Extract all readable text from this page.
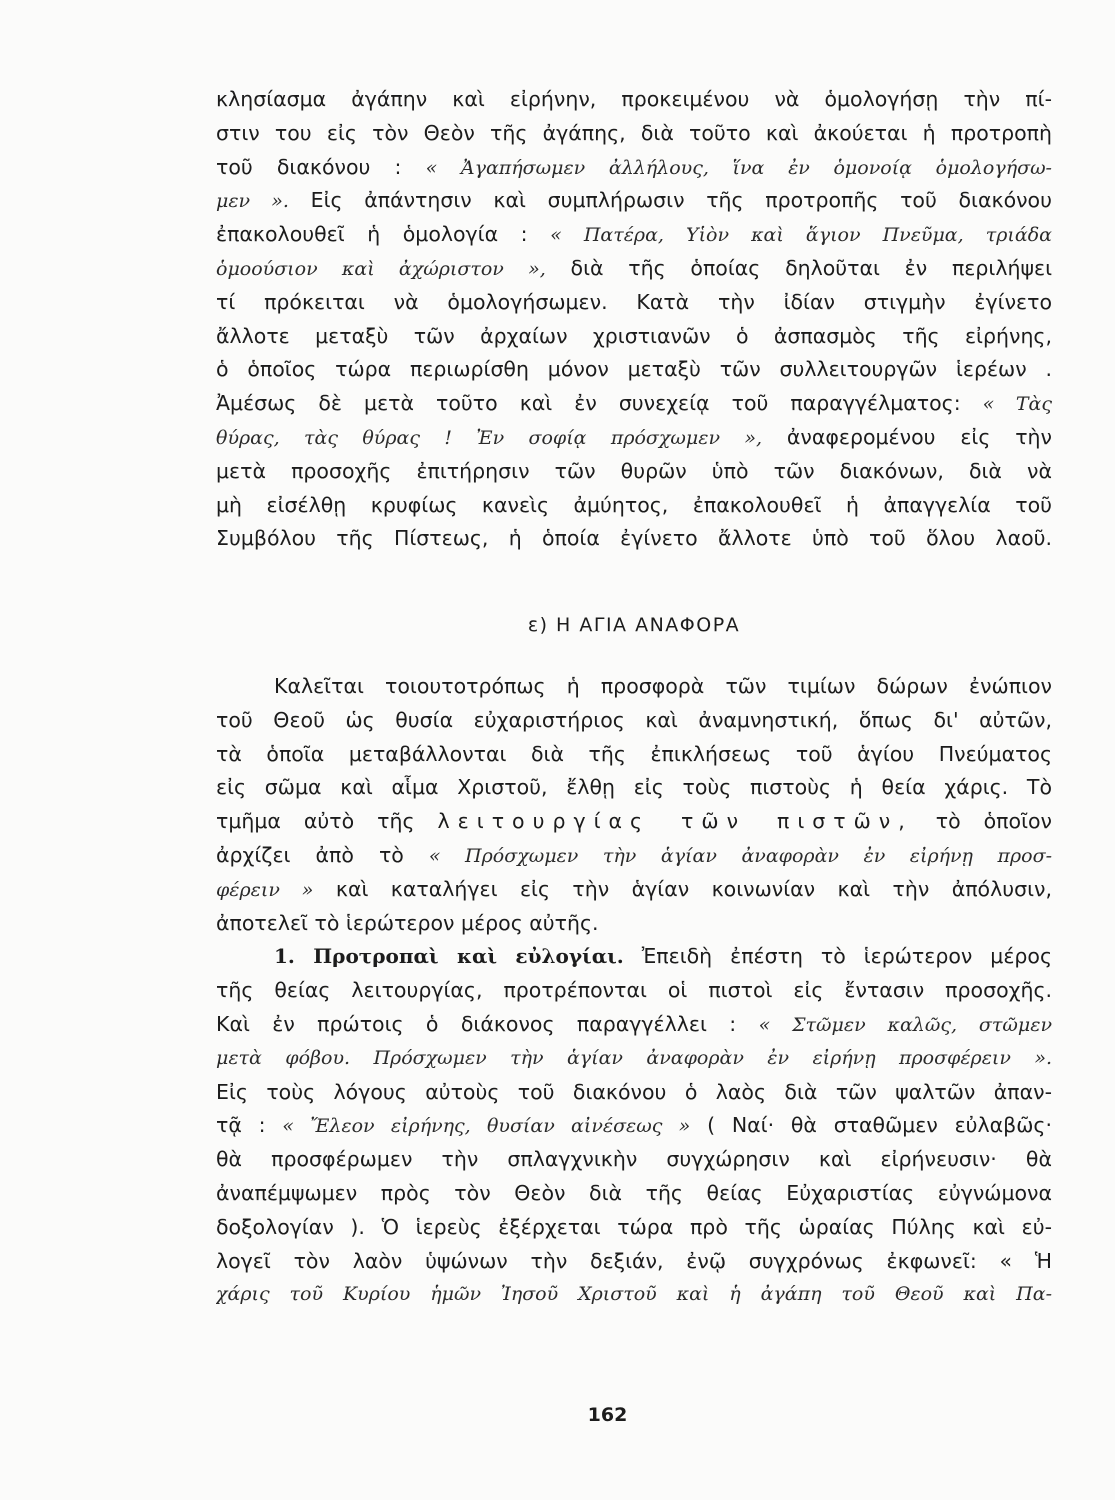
κλησίασμα ἀγάπην καὶ εἰρήνην, προκειμένου νὰ ὁμολογήσῃ τὴν πί-
στιν του εἰς τὸν Θεὸν τῆς ἀγάπης, διὰ τοῦτο καὶ ἀκούεται ἡ προτροπὴ
τοῦ διακόνου : « Ἀγαπήσωμεν ἀλλήλους, ἵνα ἐν ὁμονοίᾳ ὁμολογήσω-
μεν ». Εἰς ἀπάντησιν καὶ συμπλήρωσιν τῆς προτροπῆς τοῦ διακόνου
ἐπακολουθεῖ ἡ ὁμολογία : « Πατέρα, Υἱὸν καὶ ἅγιον Πνεῦμα, τριάδα
ὁμοούσιον καὶ ἀχώριστον », διὰ τῆς ὁποίας δηλοῦται ἐν περιλήψει
τί πρόκειται νὰ ὁμολογήσωμεν. Κατὰ τὴν ἰδίαν στιγμὴν ἐγίνετο
ἄλλοτε μεταξὺ τῶν ἀρχαίων χριστιανῶν ὁ ἀσπασμὸς τῆς εἰρήνης,
ὁ ὁποῖος τώρα περιωρίσθη μόνον μεταξὺ τῶν συλλειτουργῶν ἱερέων .
Ἀμέσως δὲ μετὰ τοῦτο καὶ ἐν συνεχείᾳ τοῦ παραγγέλματος: « Τὰς
θύρας, τὰς θύρας ! Ἐν σοφίᾳ πρόσχωμεν », ἀναφερομένου εἰς τὴν
μετὰ προσοχῆς ἐπιτήρησιν τῶν θυρῶν ὑπὸ τῶν διακόνων, διὰ νὰ
μὴ εἰσέλθῃ κρυφίως κανεὶς ἀμύητος, ἐπακολουθεῖ ἡ ἀπαγγελία τοῦ
Συμβόλου τῆς Πίστεως, ἡ ὁποία ἐγίνετο ἄλλοτε ὑπὸ τοῦ ὅλου λαοῦ.
ε) Η ΑΓΙΑ ΑΝΑΦΟΡΑ
Καλεῖται τοιουτοτρόπως ἡ προσφορὰ τῶν τιμίων δώρων ἐνώπιον
τοῦ Θεοῦ ὡς θυσία εὐχαριστήριος καὶ ἀναμνηστική, ὅπως δι' αὐτῶν,
τὰ ὁποῖα μεταβάλλονται διὰ τῆς ἐπικλήσεως τοῦ ἁγίου Πνεύματος
εἰς σῶμα καὶ αἷμα Χριστοῦ, ἔλθῃ εἰς τοὺς πιστοὺς ἡ θεία χάρις. Τὸ
τμῆμα αὐτὸ τῆς λειτουργίας τῶν πιστῶν, τὸ ὁποῖον
ἀρχίζει ἀπὸ τὸ « Πρόσχωμεν τὴν ἁγίαν ἀναφορὰν ἐν εἰρήνῃ προσ-
φέρειν » καὶ καταλήγει εἰς τὴν ἁγίαν κοινωνίαν καὶ τὴν ἀπόλυσιν,
ἀποτελεῖ τὸ ἱερώτερον μέρος αὐτῆς.
1. Προτροπαὶ καὶ εὐλογίαι. Ἐπειδὴ ἐπέστη τὸ ἱερώτερον μέρος
τῆς θείας λειτουργίας, προτρέπονται οἱ πιστοὶ εἰς ἔντασιν προσοχῆς.
Καὶ ἐν πρώτοις ὁ διάκονος παραγγέλλει : « Στῶμεν καλῶς, στῶμεν
μετὰ φόβου. Πρόσχωμεν τὴν ἁγίαν ἀναφορὰν ἐν εἰρήνῃ προσφέρειν ».
Εἰς τοὺς λόγους αὐτοὺς τοῦ διακόνου ὁ λαὸς διὰ τῶν ψαλτῶν ἀπαν-
τᾷ : « Ἔλεον εἰρήνης, θυσίαν αἰνέσεως » ( Ναί· θὰ σταθῶμεν εὐλαβῶς·
θὰ προσφέρωμεν τὴν σπλαγχνικὴν συγχώρησιν καὶ εἰρήνευσιν· θὰ
ἀναπέμψωμεν πρὸς τὸν Θεὸν διὰ τῆς θείας Εὐχαριστίας εὐγνώμονα
δοξολογίαν ). Ὁ ἱερεὺς ἐξέρχεται τώρα πρὸ τῆς ὡραίας Πύλης καὶ εὐ-
λογεῖ τὸν λαὸν ὑψώνων τὴν δεξιάν, ἐνῷ συγχρόνως ἐκφωνεῖ: « Ἡ
χάρις τοῦ Κυρίου ἡμῶν Ἰησοῦ Χριστοῦ καὶ ἡ ἀγάπη τοῦ Θεοῦ καὶ Πα-
162
